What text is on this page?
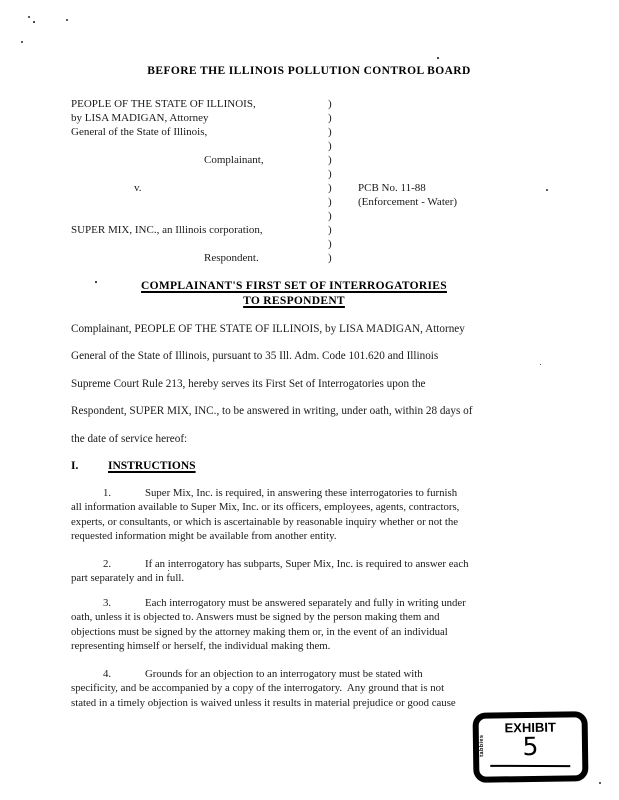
BEFORE THE ILLINOIS POLLUTION CONTROL BOARD
PEOPLE OF THE STATE OF ILLINOIS,	)
by LISA MADIGAN, Attorney	)
General of the State of Illinois,	)
)
Complainant,	)
)
v.	)	PCB No. 11-88
)	(Enforcement - Water)
)
SUPER MIX, INC., an Illinois corporation,	)
)
Respondent.	)
COMPLAINANT'S FIRST SET OF INTERROGATORIES
TO RESPONDENT
Complainant, PEOPLE OF THE STATE OF ILLINOIS, by LISA MADIGAN, Attorney
General of the State of Illinois, pursuant to 35 Ill. Adm. Code 101.620 and Illinois
Supreme Court Rule 213, hereby serves its First Set of Interrogatories upon the
Respondent, SUPER MIX, INC., to be answered in writing, under oath, within 28 days of
the date of service hereof:
I.	INSTRUCTIONS
1.	Super Mix, Inc. is required, in answering these interrogatories to furnish
all information available to Super Mix, Inc. or its officers, employees, agents, contractors,
experts, or consultants, or which is ascertainable by reasonable inquiry whether or not the
requested information might be available from another entity.
2.	If an interrogatory has subparts, Super Mix, Inc. is required to answer each
part separately and in full.
3.	Each interrogatory must be answered separately and fully in writing under
oath, unless it is objected to. Answers must be signed by the person making them and
objections must be signed by the attorney making them or, in the event of an individual
representing himself or herself, the individual making them.
4.	Grounds for an objection to an interrogatory must be stated with
specificity, and be accompanied by a copy of the interrogatory.  Any ground that is not
stated in a timely objection is waived unless it results in material prejudice or good cause
tabbies
EXHIBIT
5
